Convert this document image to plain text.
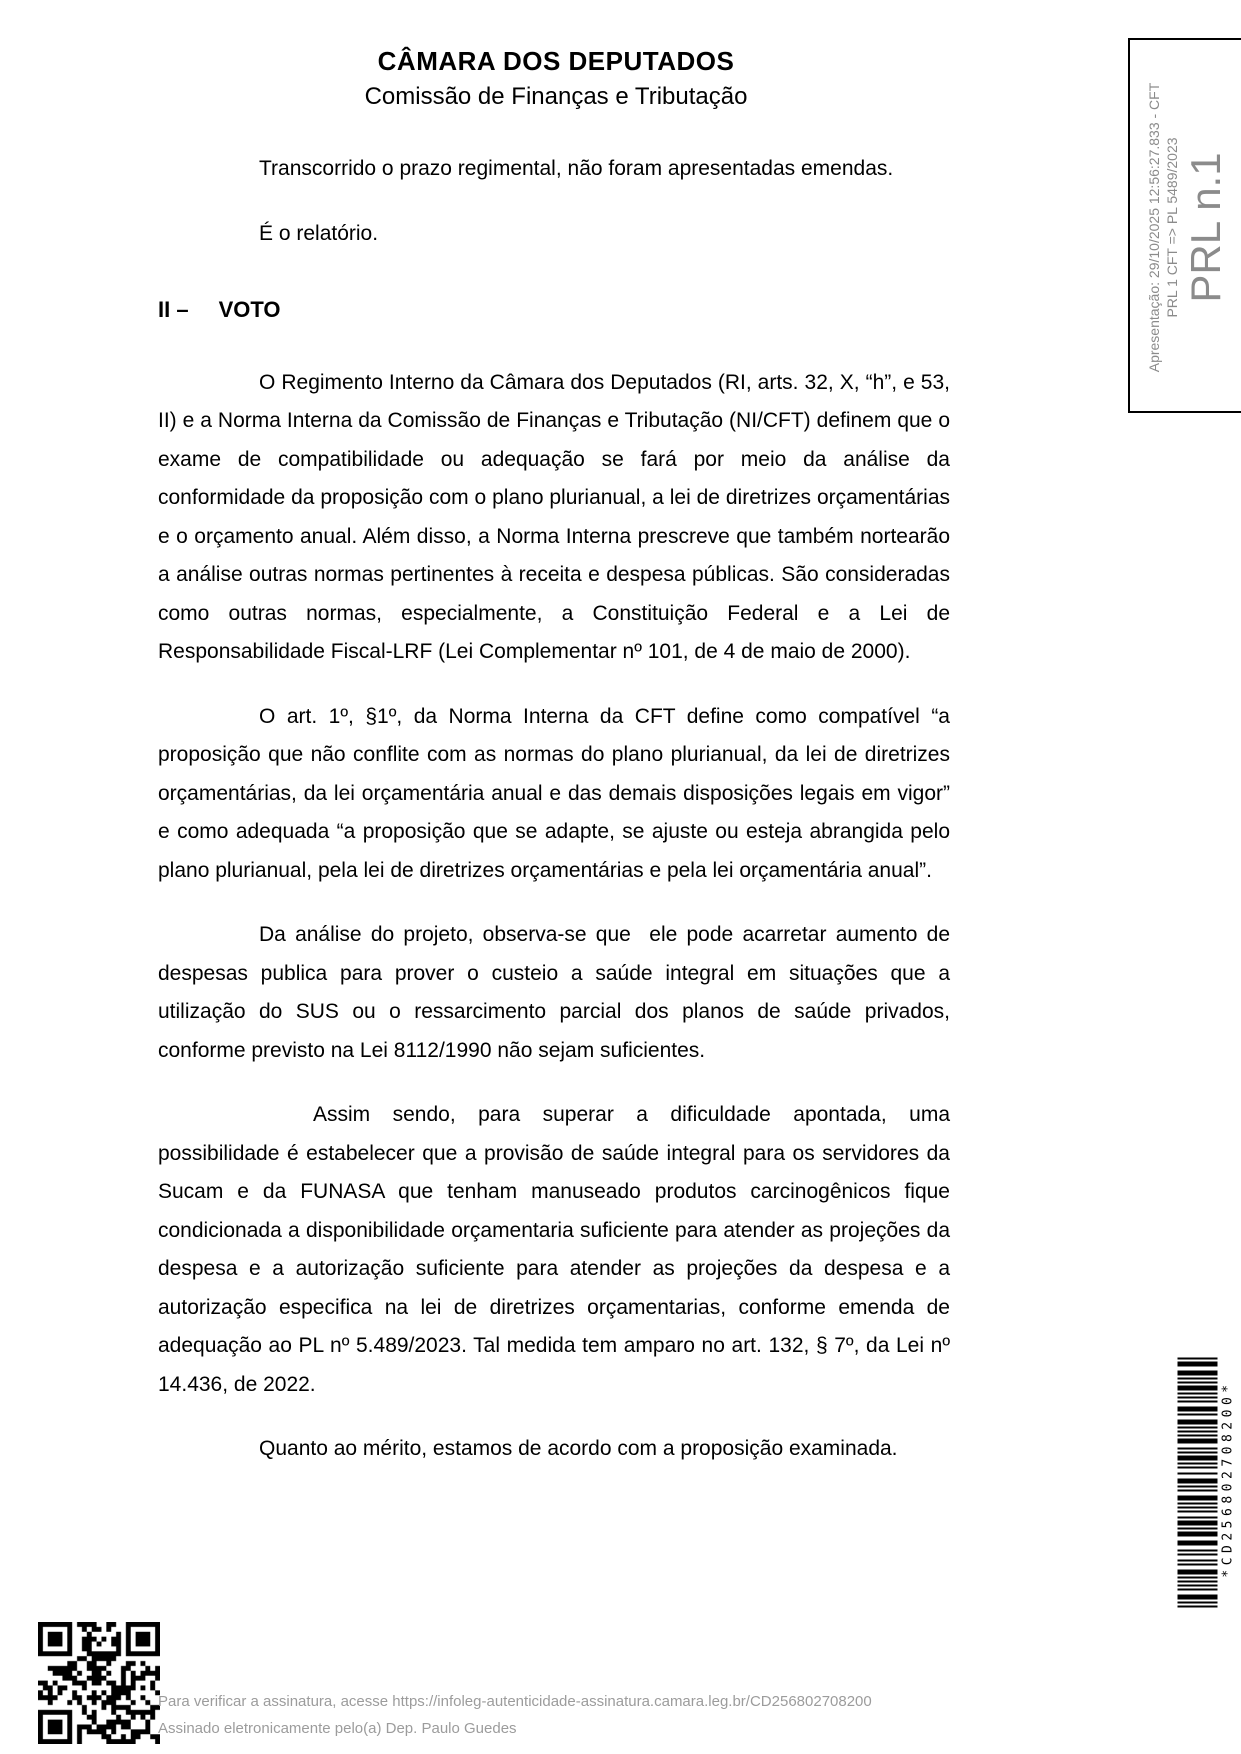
CÂMARA DOS DEPUTADOS
Comissão de Finanças e Tributação	Apresentação: 29/10/2025 12:56:27.833 - CFT PRL 1 CFT => PL 5489/2023 PRL n.1

Transcorrido o prazo regimental, não foram apresentadas emendas.

É o relatório.

II – VOTO

O Regimento Interno da Câmara dos Deputados (RI, arts. 32, X, “h”, e 53, II) e a Norma Interna da Comissão de Finanças e Tributação (NI/CFT) definem que o exame de compatibilidade ou adequação se fará por meio da análise da conformidade da proposição com o plano plurianual, a lei de diretrizes orçamentárias e o orçamento anual. Além disso, a Norma Interna prescreve que também nortearão a análise outras normas pertinentes à receita e despesa públicas. São consideradas como outras normas, especialmente, a Constituição Federal e a Lei de Responsabilidade Fiscal-LRF (Lei Complementar nº 101, de 4 de maio de 2000).

O art. 1º, §1º, da Norma Interna da CFT define como compatível “a proposição que não conflite com as normas do plano plurianual, da lei de diretrizes orçamentárias, da lei orçamentária anual e das demais disposições legais em vigor” e como adequada “a proposição que se adapte, se ajuste ou esteja abrangida pelo plano plurianual, pela lei de diretrizes orçamentárias e pela lei orçamentária anual”.

Da análise do projeto, observa-se que  ele pode acarretar aumento de despesas publica para prover o custeio a saúde integral em situações que a utilização do SUS ou o ressarcimento parcial dos planos de saúde privados, conforme previsto na Lei 8112/1990 não sejam suficientes.

Assim sendo, para superar a dificuldade apontada, uma possibilidade é estabelecer que a provisão de saúde integral para os servidores da Sucam e da FUNASA que tenham manuseado produtos carcinogênicos fique condicionada a disponibilidade orçamentaria suficiente para atender as projeções da despesa e a autorização suficiente para atender as projeções da despesa e a autorização especifica na lei de diretrizes orçamentarias, conforme emenda de adequação ao PL nº 5.489/2023. Tal medida tem amparo no art. 132, § 7º, da Lei nº 14.436, de 2022.

Quanto ao mérito, estamos de acordo com a proposição examinada.	*CD256802708200*
Para verificar a assinatura, acesse https://infoleg-autenticidade-assinatura.camara.leg.br/CD256802708200
Assinado eletronicamente pelo(a) Dep. Paulo Guedes
